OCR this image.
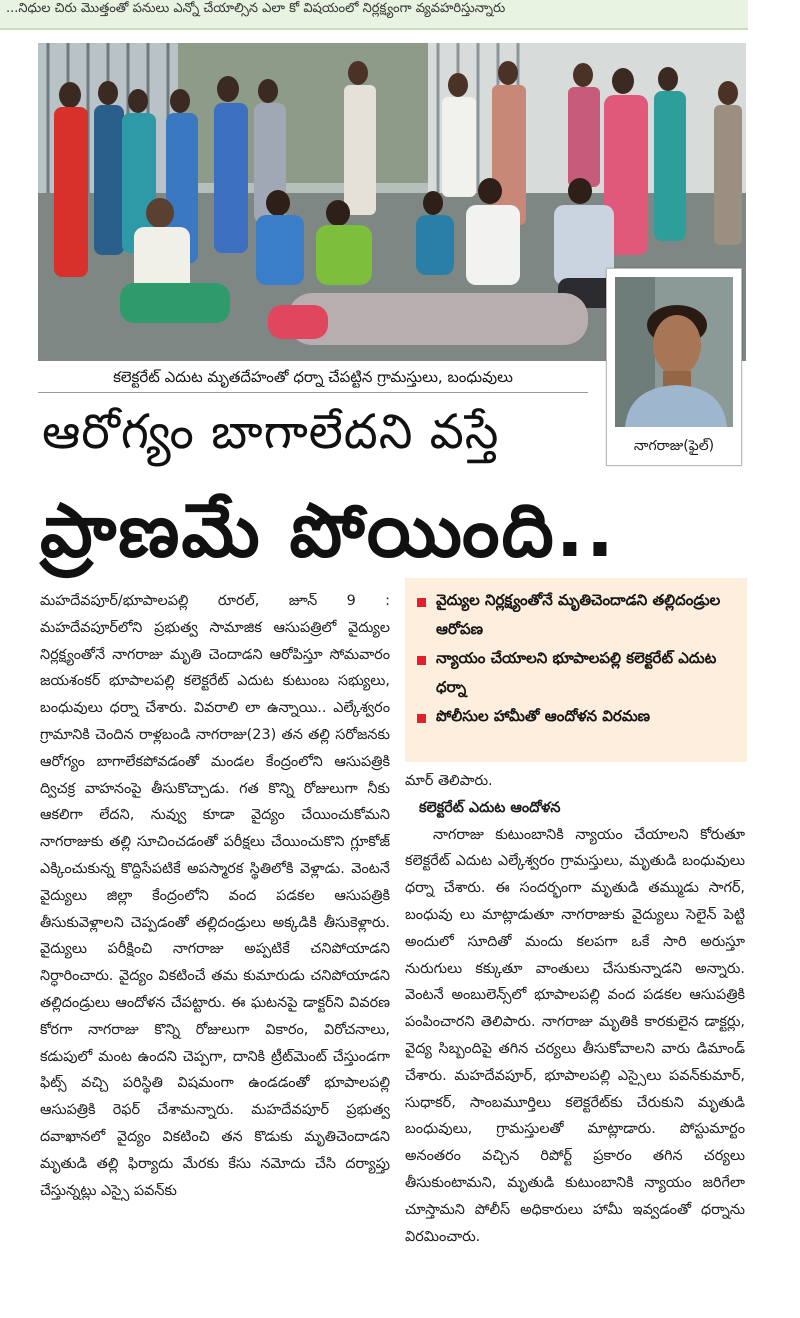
...నిధుల చిరు మొత్తంతో పనులు ఎన్నో చేయాల్సిన ఎలా కో విషయంలో నిర్లక్ష్యంగా వ్యవహరిస్తున్నారు
కలెక్టరేట్ ఎదుట మృతదేహంతో ధర్నా చేపట్టిన గ్రామస్తులు, బంధువులు
నాగరాజు(ఫైల్)
ఆరోగ్యం బాగాలేదని వస్తే
ప్రాణమే పోయింది..

మహదేవపూర్/భూపాలపల్లి రూరల్, జూన్ 9 : మహదేవపూర్‌లోని ప్రభుత్వ సామాజిక ఆసుపత్రిలో వైద్యుల నిర్లక్ష్యంతోనే నాగరాజు మృతి చెందాడని ఆరోపిస్తూ సోమవారం జయశంకర్ భూపాలపల్లి కలెక్టరేట్ ఎదుట కుటుంబ సభ్యులు, బంధువులు ధర్నా చేశారు. వివరాలి లా ఉన్నాయి.. ఎల్కేశ్వరం గ్రామానికి చెందిన రాళ్లబండి నాగరాజు(23) తన తల్లి సరోజనకు ఆరోగ్యం బాగాలేకపోవడంతో మండల కేంద్రంలోని ఆసుపత్రికి ద్విచక్ర వాహనంపై తీసుకొచ్చాడు. గత కొన్ని రోజులుగా నీకు ఆకలిగా లేదని, నువ్వు కూడా వైద్యం చేయించుకోమని నాగరాజుకు తల్లి సూచించడంతో పరీక్షలు చేయించుకొని గ్లూకోజ్ ఎక్కించుకున్న కొద్దిసేపటికే అపస్మారక స్థితిలోకి వెళ్లాడు. వెంటనే వైద్యులు జిల్లా కేంద్రంలోని వంద పడకల ఆసుపత్రికి తీసుకువెళ్లాలని చెప్పడంతో తల్లిదండ్రులు అక్కడికి తీసుకెళ్లారు. వైద్యులు పరీక్షించి నాగరాజు అప్పటికే చనిపోయాడని నిర్ధారించారు. వైద్యం వికటించే తమ కుమారుడు చనిపోయాడని తల్లిదండ్రులు ఆందోళన చేపట్టారు. ఈ ఘటనపై డాక్టర్‌ని వివరణ కోరగా నాగరాజు కొన్ని రోజులుగా వికారం, విరోచనాలు, కడుపులో మంట ఉందని చెప్పగా, దానికి ట్రీట్‌మెంట్ చేస్తుండగా ఫిట్స్ వచ్చి పరిస్థితి విషమంగా ఉండడంతో భూపాలపల్లి ఆసుపత్రికి రెఫర్ చేశామన్నారు. మహదేవపూర్ ప్రభుత్వ దవాఖానలో వైద్యం వికటించి తన కొడుకు మృతిచెందాడని మృతుడి తల్లి ఫిర్యాదు మేరకు కేసు నమోదు చేసి దర్యాప్తు చేస్తున్నట్లు ఎస్సై పవన్‌కు

వైద్యుల నిర్లక్ష్యంతోనే మృతిచెందాడని తల్లిదండ్రుల ఆరోపణ
న్యాయం చేయాలని భూపాలపల్లి కలెక్టరేట్ ఎదుట ధర్నా
పోలీసుల హామీతో ఆందోళన విరమణ

మార్ తెలిపారు.

కలెక్టరేట్ ఎదుట ఆందోళన

నాగరాజు కుటుంబానికి న్యాయం చేయాలని కోరుతూ కలెక్టరేట్ ఎదుట ఎల్కేశ్వరం గ్రామస్తులు, మృతుడి బంధువులు ధర్నా చేశారు. ఈ సందర్భంగా మృతుడి తమ్ముడు సాగర్, బంధువు లు మాట్లాడుతూ నాగరాజుకు వైద్యులు సెలైన్ పెట్టి అందులో సూదితో మందు కలపగా ఒకే సారి అరుస్తూ నురుగులు కక్కుతూ వాంతులు చేసుకున్నాడని అన్నారు. వెంటనే అంబులెన్స్‌లో భూపాలపల్లి వంద పడకల ఆసుపత్రికి పంపించారని తెలిపారు. నాగరాజు మృతికి కారకులైన డాక్టర్లు, వైద్య సిబ్బందిపై తగిన చర్యలు తీసుకోవాలని వారు డిమాండ్ చేశారు. మహదేవపూర్, భూపాలపల్లి ఎస్సైలు పవన్‌కుమార్, సుధాకర్, సాంబమూర్తిలు కలెక్టరేట్‌కు చేరుకుని మృతుడి బంధువులు, గ్రామస్తులతో మాట్లాడారు. పోస్టుమార్టం అనంతరం వచ్చిన రిపోర్ట్ ప్రకారం తగిన చర్యలు తీసుకుంటామని, మృతుడి కుటుంబానికి న్యాయం జరిగేలా చూస్తామని పోలీస్ అధికారులు హామీ ఇవ్వడంతో ధర్నాను విరమించారు.
